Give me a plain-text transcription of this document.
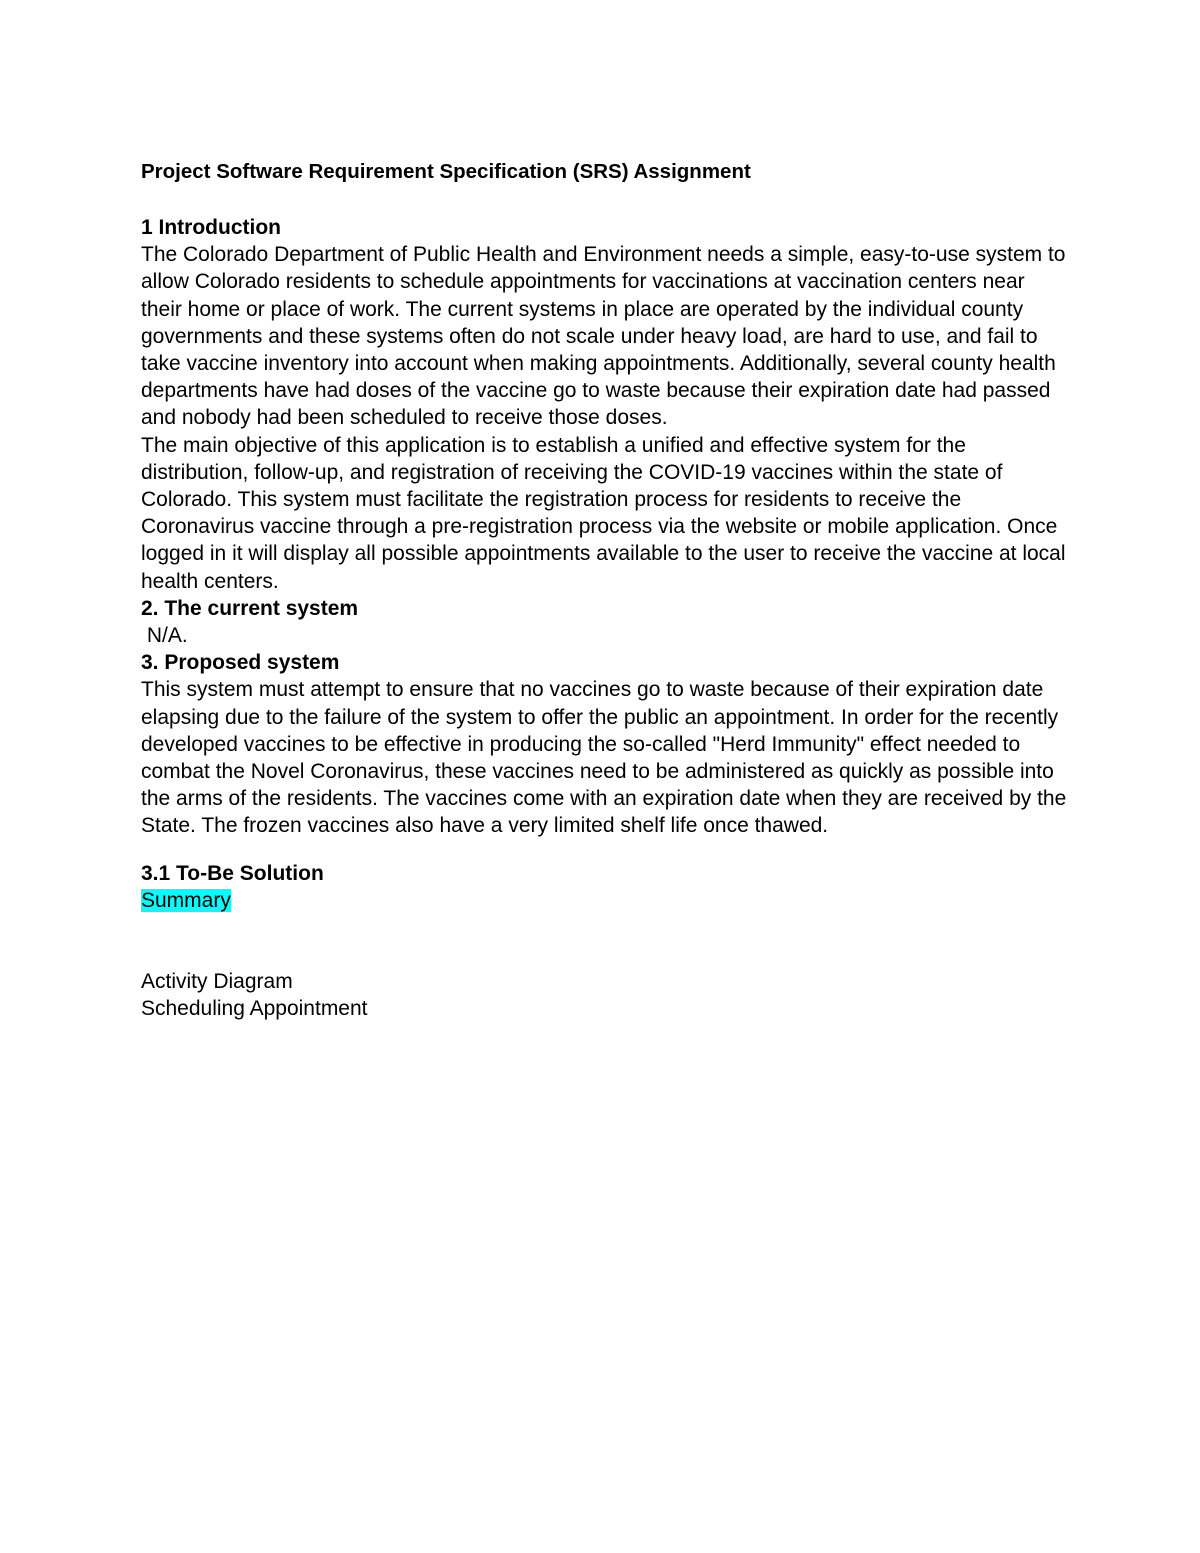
Project Software Requirement Specification (SRS) Assignment

1 Introduction

The Colorado Department of Public Health and Environment needs a simple, easy-to-use system to allow Colorado residents to schedule appointments for vaccinations at vaccination centers near their home or place of work. The current systems in place are operated by the individual county governments and these systems often do not scale under heavy load, are hard to use, and fail to take vaccine inventory into account when making appointments. Additionally, several county health departments have had doses of the vaccine go to waste because their expiration date had passed and nobody had been scheduled to receive those doses.

The main objective of this application is to establish a unified and effective system for the distribution, follow-up, and registration of receiving the COVID-19 vaccines within the state of Colorado. This system must facilitate the registration process for residents to receive the Coronavirus vaccine through a pre-registration process via the website or mobile application. Once logged in it will display all possible appointments available to the user to receive the vaccine at local health centers.

2. The current system

N/A.

3. Proposed system

This system must attempt to ensure that no vaccines go to waste because of their expiration date elapsing due to the failure of the system to offer the public an appointment. In order for the recently developed vaccines to be effective in producing the so-called "Herd Immunity" effect needed to combat the Novel Coronavirus, these vaccines need to be administered as quickly as possible into the arms of the residents. The vaccines come with an expiration date when they are received by the State. The frozen vaccines also have a very limited shelf life once thawed.

3.1 To-Be Solution

Summary

Activity Diagram

Scheduling Appointment
